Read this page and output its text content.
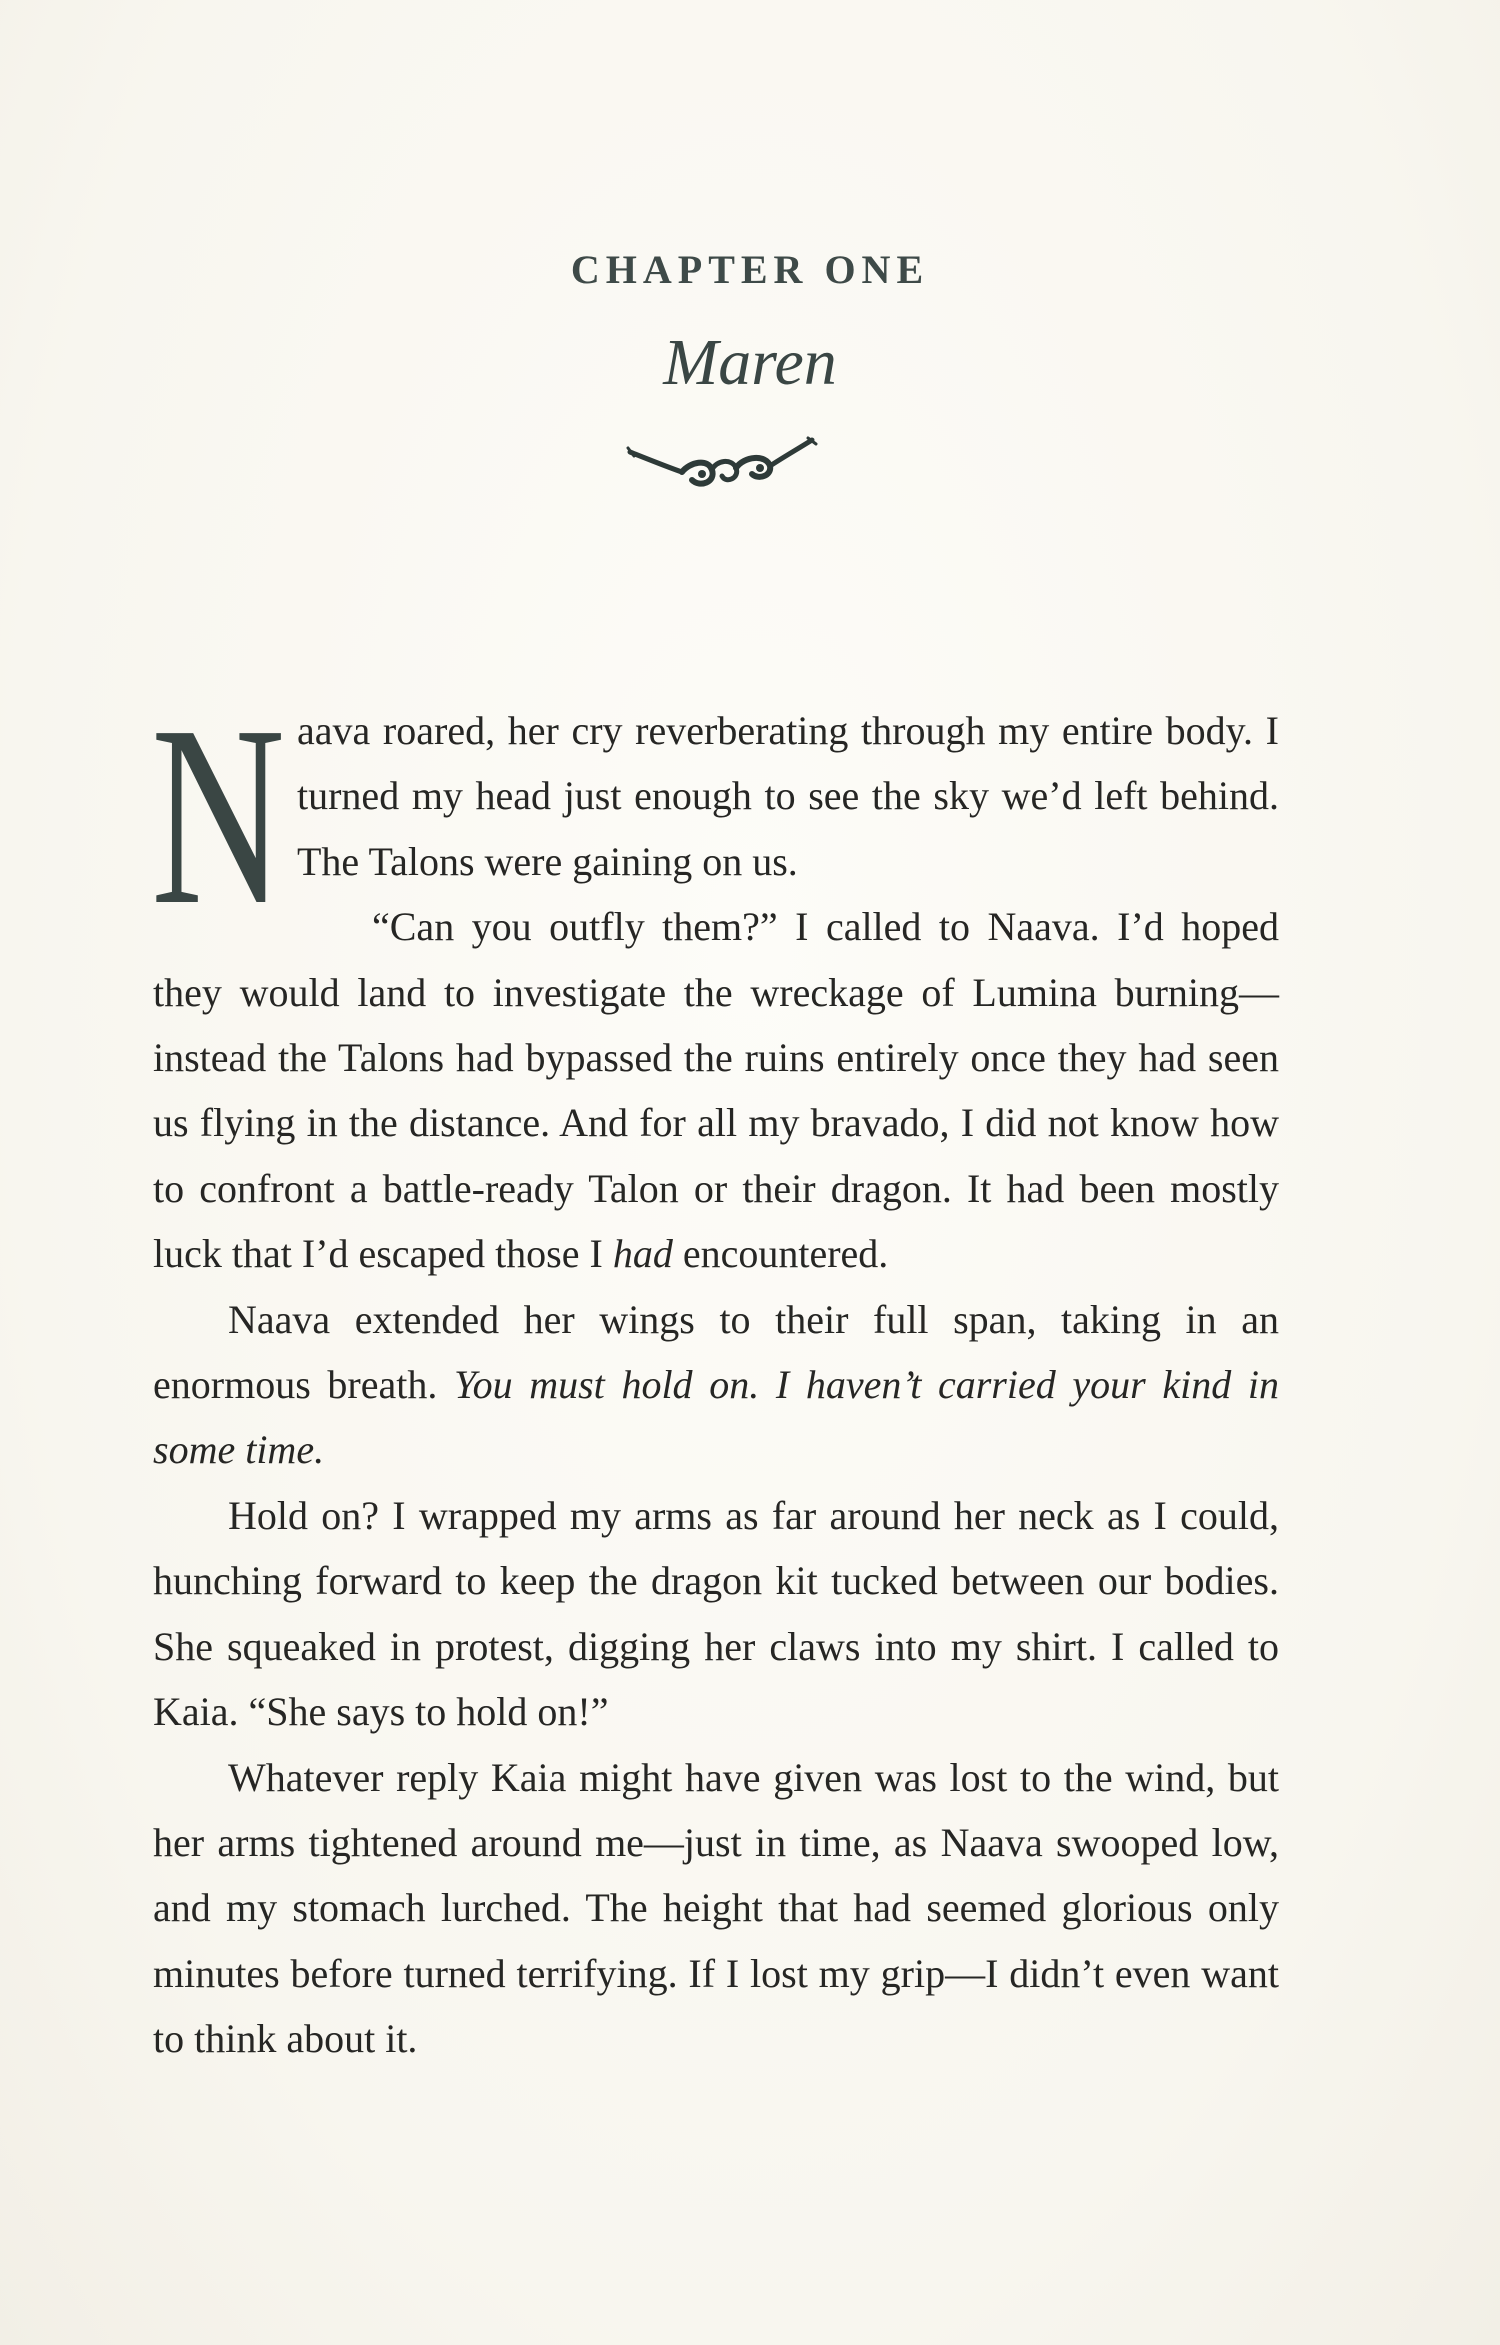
CHAPTER ONE
Maren

Naava roared, her cry reverberating through my entire body. I turned my head just enough to see the sky we’d left behind. The Talons were gaining on us.

“Can you outfly them?” I called to Naava. I’d hoped they would land to investigate the wreckage of Lumina burning—instead the Talons had bypassed the ruins entirely once they had seen us flying in the distance. And for all my bravado, I did not know how to confront a battle-ready Talon or their dragon. It had been mostly luck that I’d escaped those I had encountered.

Naava extended her wings to their full span, taking in an enormous breath. You must hold on. I haven’t carried your kind in some time.

Hold on? I wrapped my arms as far around her neck as I could, hunching forward to keep the dragon kit tucked between our bodies. She squeaked in protest, digging her claws into my shirt. I called to Kaia. “She says to hold on!”

Whatever reply Kaia might have given was lost to the wind, but her arms tightened around me—just in time, as Naava swooped low, and my stomach lurched. The height that had seemed glorious only minutes before turned terrifying. If I lost my grip—I didn’t even want to think about it.
